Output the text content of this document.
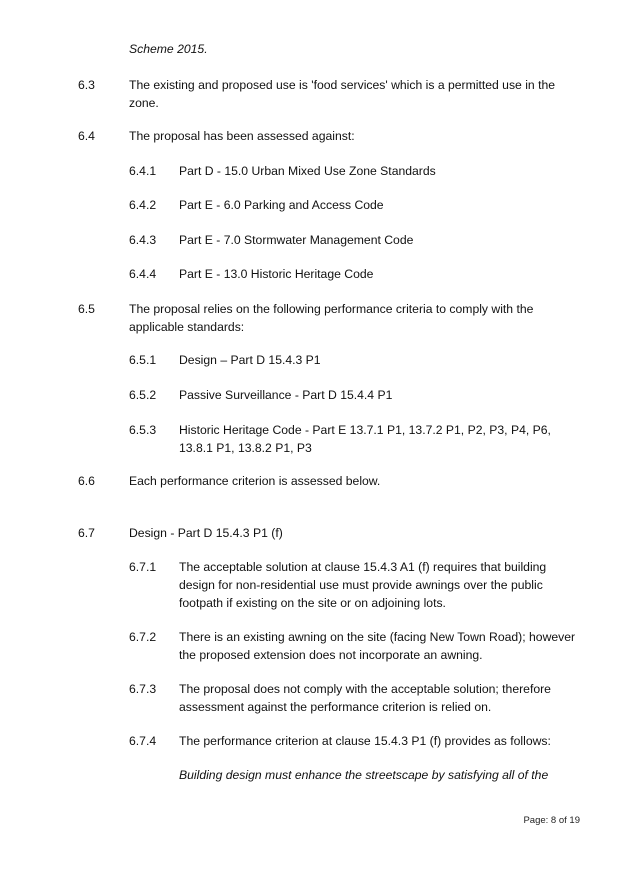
Scheme 2015.
6.3	The existing and proposed use is 'food services' which is a permitted use in the
zone.
6.4	The proposal has been assessed against:
6.4.1 Part D - 15.0 Urban Mixed Use Zone Standards
6.4.2 Part E - 6.0 Parking and Access Code
6.4.3 Part E - 7.0 Stormwater Management Code
6.4.4 Part E - 13.0 Historic Heritage Code
6.5	The proposal relies on the following performance criteria to comply with the
applicable standards:
6.5.1 Design – Part D 15.4.3 P1
6.5.2 Passive Surveillance - Part D 15.4.4 P1
6.5.3 Historic Heritage Code - Part E 13.7.1 P1, 13.7.2 P1, P2, P3, P4, P6,
13.8.1 P1, 13.8.2 P1, P3
6.6	Each performance criterion is assessed below.
6.7	Design - Part D 15.4.3 P1 (f)
6.7.1 The acceptable solution at clause 15.4.3 A1 (f) requires that building
design for non-residential use must provide awnings over the public
footpath if existing on the site or on adjoining lots.
6.7.2 There is an existing awning on the site (facing New Town Road); however
the proposed extension does not incorporate an awning.
6.7.3 The proposal does not comply with the acceptable solution; therefore
assessment against the performance criterion is relied on.
6.7.4 The performance criterion at clause 15.4.3 P1 (f) provides as follows:
Building design must enhance the streetscape by satisfying all of the
Page: 8 of 19
